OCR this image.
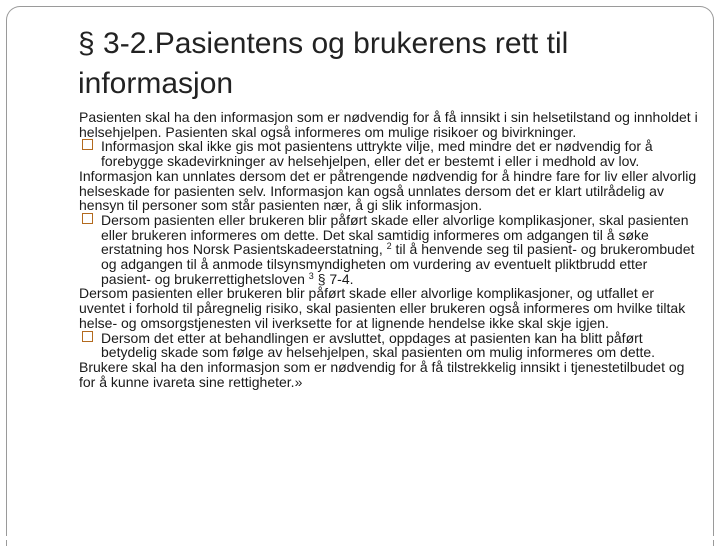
§ 3-2.Pasientens og brukerens rett til informasjon

Pasienten skal ha den informasjon som er nødvendig for å få innsikt i sin helsetilstand og innholdet i helsehjelpen. Pasienten skal også informeres om mulige risikoer og bivirkninger.

Informasjon skal ikke gis mot pasientens uttrykte vilje, med mindre det er nødvendig for å forebygge skadevirkninger av helsehjelpen, eller det er bestemt i eller i medhold av lov.

Informasjon kan unnlates dersom det er påtrengende nødvendig for å hindre fare for liv eller alvorlig helseskade for pasienten selv. Informasjon kan også unnlates dersom det er klart utilrådelig av hensyn til personer som står pasienten nær, å gi slik informasjon.

Dersom pasienten eller brukeren blir påført skade eller alvorlige komplikasjoner, skal pasienten eller brukeren informeres om dette. Det skal samtidig informeres om adgangen til å søke erstatning hos Norsk Pasientskadeerstatning, $^2$ til å henvende seg til pasient- og brukerombudet og adgangen til å anmode tilsynsmyndigheten om vurdering av eventuelt pliktbrudd etter pasient- og brukerrettighetsloven $^3$ § 7-4.

Dersom pasienten eller brukeren blir påført skade eller alvorlige komplikasjoner, og utfallet er uventet i forhold til påregnelig risiko, skal pasienten eller brukeren også informeres om hvilke tiltak helse- og omsorgstjenesten vil iverksette for at lignende hendelse ikke skal skje igjen.

Dersom det etter at behandlingen er avsluttet, oppdages at pasienten kan ha blitt påført betydelig skade som følge av helsehjelpen, skal pasienten om mulig informeres om dette.

Brukere skal ha den informasjon som er nødvendig for å få tilstrekkelig innsikt i tjenestetilbudet og for å kunne ivareta sine rettigheter.»
